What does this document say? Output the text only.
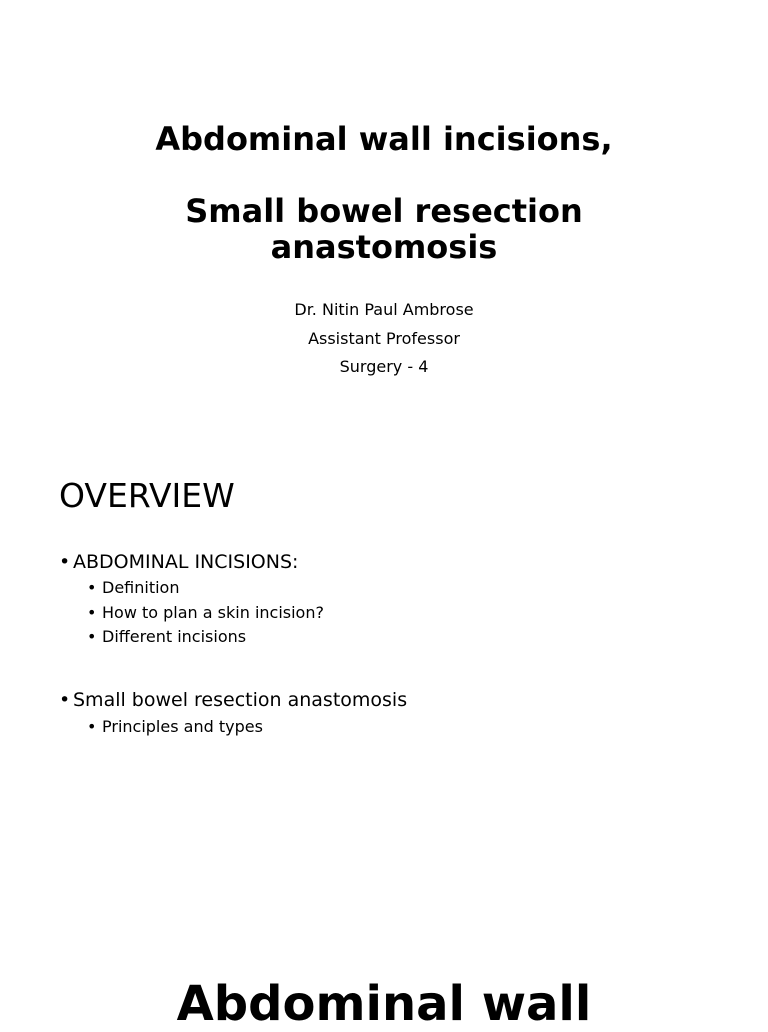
Abdominal wall incisions,
Small bowel resection
anastomosis
Dr. Nitin Paul Ambrose
Assistant Professor
Surgery - 4
OVERVIEW
• ABDOMINAL INCISIONS:
• Definition
• How to plan a skin incision?
• Different incisions
• Small bowel resection anastomosis
• Principles and types
Abdominal wall
